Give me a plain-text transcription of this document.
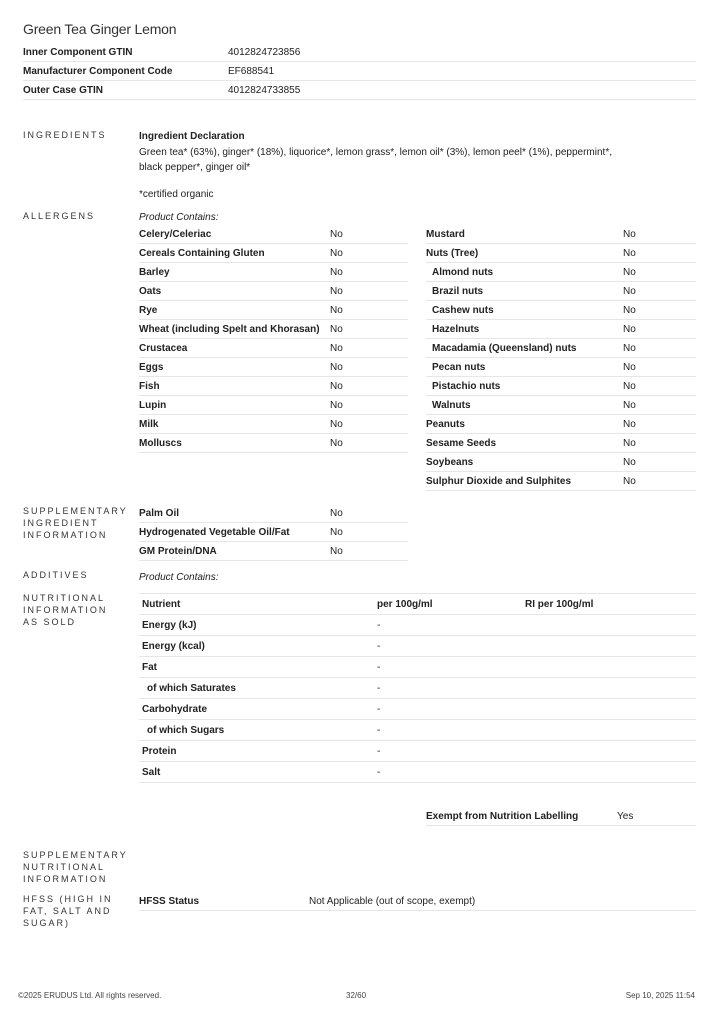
Green Tea Ginger Lemon
Inner Component GTIN	4012824723856
Manufacturer Component Code	EF688541
Outer Case GTIN	4012824733855
INGREDIENTS	Ingredient Declaration
Green tea* (63%), ginger* (18%), liquorice*, lemon grass*, lemon oil* (3%), lemon peel* (1%), peppermint*, black pepper*, ginger oil*
*certified organic
ALLERGENS	Product Contains:
Celery/Celeriac	No
Cereals Containing Gluten	No
Barley	No
Oats	No
Rye	No
Wheat (including Spelt and Khorasan)	No
Crustacea	No
Eggs	No
Fish	No
Lupin	No
Milk	No
Molluscs	No
Mustard	No
Nuts (Tree)	No
Almond nuts	No
Brazil nuts	No
Cashew nuts	No
Hazelnuts	No
Macadamia (Queensland) nuts	No
Pecan nuts	No
Pistachio nuts	No
Walnuts	No
Peanuts	No
Sesame Seeds	No
Soybeans	No
Sulphur Dioxide and Sulphites	No
SUPPLEMENTARY INGREDIENT INFORMATION
Palm Oil	No
Hydrogenated Vegetable Oil/Fat	No
GM Protein/DNA	No
ADDITIVES	Product Contains:
NUTRITIONAL INFORMATION AS SOLD
Nutrient	per 100g/ml	RI per 100g/ml
Energy (kJ)	-	
Energy (kcal)	-	
Fat	-	
of which Saturates	-	
Carbohydrate	-	
of which Sugars	-	
Protein	-	
Salt	-	
Exempt from Nutrition Labelling	Yes
SUPPLEMENTARY NUTRITIONAL INFORMATION
HFSS (HIGH IN FAT, SALT AND SUGAR)
HFSS Status	Not Applicable (out of scope, exempt)
©2025 ERUDUS Ltd. All rights reserved.	32/60	Sep 10, 2025 11:54
